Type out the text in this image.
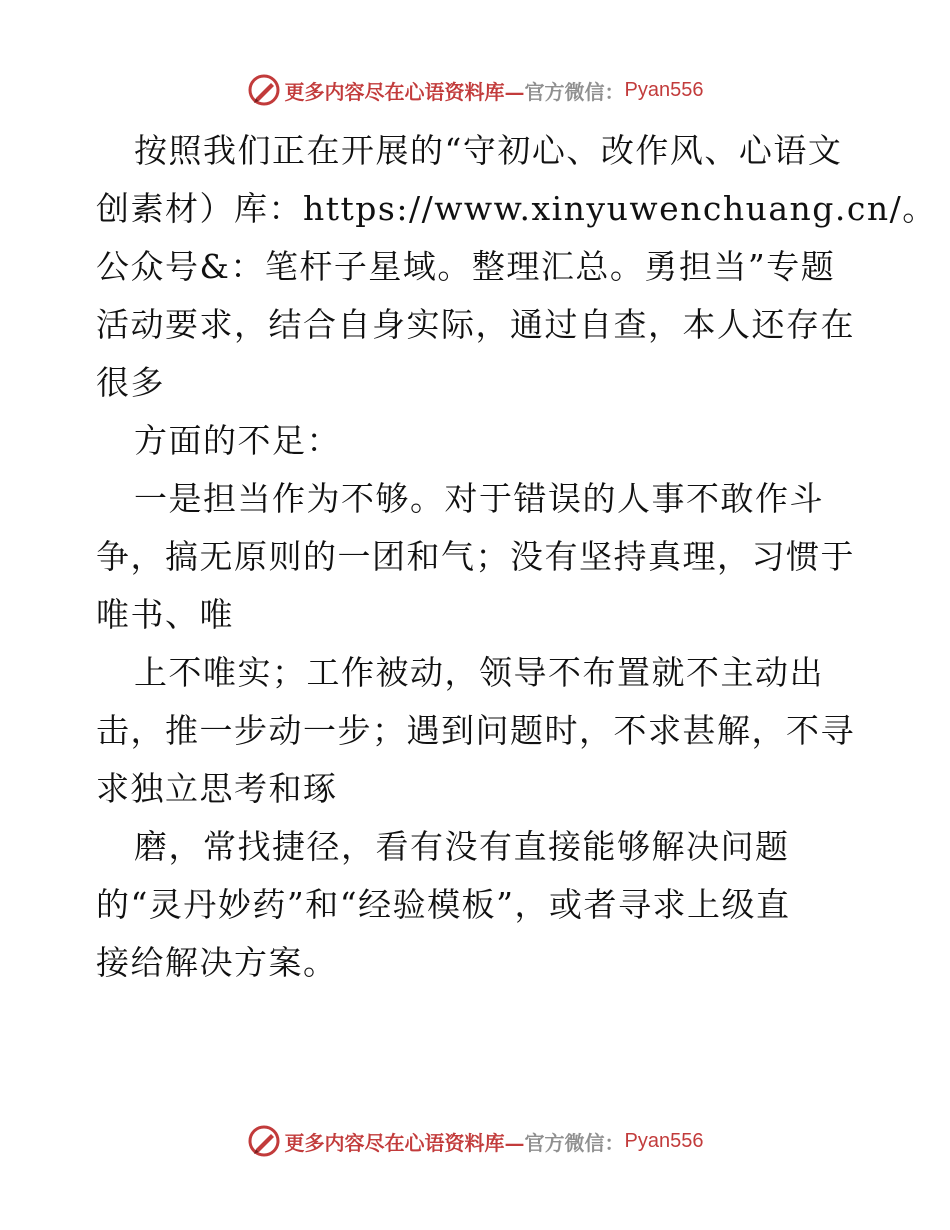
更多内容尽在心语资料库— 官方微信： Pyan556
按照我们正在开展的“守初心、改作风、心语文
创素材）库：https://www.xinyuwenchuang.cn/。
公众号&：笔杆子星域。整理汇总。勇担当”专题
活动要求，结合自身实际，通过自查，本人还存在
很多
方面的不足：
一是担当作为不够。对于错误的人事不敢作斗
争，搞无原则的一团和气；没有坚持真理，习惯于
唯书、唯
上不唯实；工作被动，领导不布置就不主动出
击，推一步动一步；遇到问题时，不求甚解，不寻
求独立思考和琢
磨，常找捷径，看有没有直接能够解决问题
的“灵丹妙药”和“经验模板”，或者寻求上级直
接给解决方案。
更多内容尽在心语资料库— 官方微信： Pyan556
